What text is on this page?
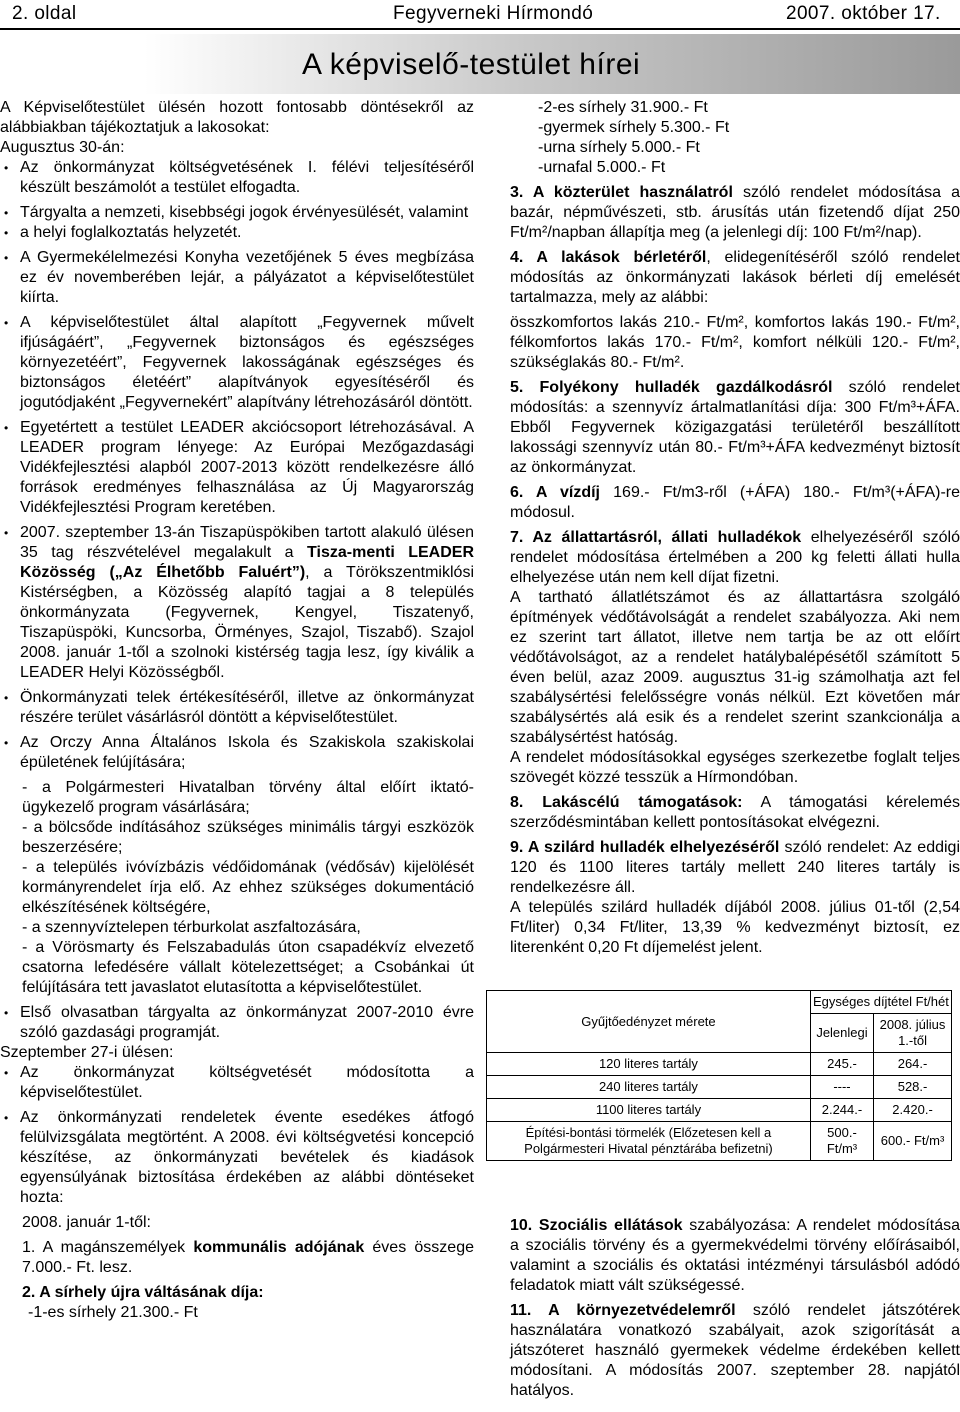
2. oldal	Fegyverneki Hírmondó	2007. október 17.
A képviselő-testület hírei

A Képviselőtestület ülésén hozott fontosabb döntésekről az alábbiakban tájékoztatjuk a lakosokat:

Augusztus 30-án:

• Az önkormányzat költségvetésének I. félévi teljesítéséről készült beszámolót a testület elfogadta.

• Tárgyalta a nemzeti, kisebbségi jogok érvényesülését, valamint

• a helyi foglalkoztatás helyzetét.

• A Gyermekélelmezési Konyha vezetőjének 5 éves megbízása ez év novemberében lejár, a pályázatot a képviselőtestület kiírta.

• A képviselőtestület által alapított „Fegyvernek művelt ifjúságáért”, „Fegyvernek biztonságos és egészséges környezetéért”, Fegyvernek lakosságának egészséges és biztonságos életéért” alapítványok egyesítéséről és jogutódjaként „Fegyvernekért” alapítvány létrehozásáról döntött.

• Egyetértett a testület LEADER akciócsoport létrehozásával. A LEADER program lényege: Az Európai Mezőgazdasági Vidékfejlesztési alapból 2007-2013 között rendelkezésre álló források eredményes felhasználása az Új Magyarország Vidékfejlesztési Program keretében.

• 2007. szeptember 13-án Tiszapüspökiben tartott alakuló ülésen 35 tag részvételével megalakult a Tisza-menti LEADER Közösség („Az Élhetőbb Faluért”), a Törökszentmiklósi Kistérségben, a Közösség alapító tagjai a 8 település önkormányzata (Fegyvernek, Kengyel, Tiszatenyő, Tiszapüspöki, Kuncsorba, Örményes, Szajol, Tiszabő). Szajol 2008. január 1-től a szolnoki kistérség tagja lesz, így kiválik a LEADER Helyi Közösségből.

• Önkormányzati telek értékesítéséről, illetve az önkormányzat részére terület vásárlásról döntött a képviselőtestület.

• Az Orczy Anna Általános Iskola és Szakiskola szakiskolai épületének felújítására;

- a Polgármesteri Hivatalban törvény által előírt iktató-ügykezelő program vásárlására;

- a bölcsőde indításához szükséges minimális tárgyi eszközök beszerzésére;

- a település ivóvízbázis védőidomának (védősáv) kijelölését kormányrendelet írja elő. Az ehhez szükséges dokumentáció elkészítésének költségére,

- a szennyvíztelepen térburkolat aszfaltozására,

- a Vörösmarty és Felszabadulás úton csapadékvíz elvezető csatorna lefedésére vállalt kötelezettséget; a Csobánkai út felújítására tett javaslatot elutasította a képviselőtestület.

• Első olvasatban tárgyalta az önkormányzat 2007-2010 évre szóló gazdasági programját.

Szeptember 27-i ülésen:

• Az önkormányzat költségvetését módosította a képviselőtestület.

• Az önkormányzati rendeletek évente esedékes átfogó felülvizsgálata megtörtént. A 2008. évi költségvetési koncepció készítése, az önkormányzati bevételek és kiadások egyensúlyának biztosítása érdekében az alábbi döntéseket hozta:

2008. január 1-től:

1. A magánszemélyek kommunális adójának éves összege 7.000.- Ft. lesz.

2. A sírhely újra váltásának díja:

-1-es sírhely 21.300.- Ft

-2-es sírhely 31.900.- Ft

-gyermek sírhely 5.300.- Ft

-urna sírhely 5.000.- Ft

-urnafal 5.000.- Ft

3. A közterület használatról szóló rendelet módosítása a bazár, népművészeti, stb. árusítás után fizetendő díjat 250 Ft/m²/napban állapítja meg (a jelenlegi díj: 100 Ft/m²/nap).

4. A lakások bérletéről, elidegenítéséről szóló rendelet módosítás az önkormányzati lakások bérleti díj emelését tartalmazza, mely az alábbi:

összkomfortos lakás 210.- Ft/m², komfortos lakás 190.- Ft/m², félkomfortos lakás 170.- Ft/m², komfort nélküli 120.- Ft/m², szükséglakás 80.- Ft/m².

5. Folyékony hulladék gazdálkodásról szóló rendelet módosítás: a szennyvíz ártalmatlanítási díja: 300 Ft/m³+ÁFA. Ebből Fegyvernek közigazgatási területéről beszállított lakossági szennyvíz után 80.- Ft/m³+ÁFA kedvezményt biztosít az önkormányzat.

6. A vízdíj 169.- Ft/m3-ről (+ÁFA) 180.- Ft/m³(+ÁFA)-re módosul.

7. Az állattartásról, állati hulladékok elhelyezéséről szóló rendelet módosítása értelmében a 200 kg feletti állati hulla elhelyezése után nem kell díjat fizetni.

A tartható állatlétszámot és az állattartásra szolgáló építmények védőtávolságát a rendelet szabályozza. Aki nem ez szerint tart állatot, illetve nem tartja be az ott előírt védőtávolságot, az a rendelet hatálybalépésétől számított 5 éven belül, azaz 2009. augusztus 31-ig számolhatja azt fel szabálysértési felelősségre vonás nélkül. Ezt követően már szabálysértés alá esik és a rendelet szerint szankcionálja a szabálysértést hatóság.

A rendelet módosításokkal egységes szerkezetbe foglalt teljes szövegét közzé tesszük a Hírmondóban.

8. Lakáscélú támogatások: A támogatási kérelemés szerződésmintában kellett pontosításokat elvégezni.

9. A szilárd hulladék elhelyezéséről szóló rendelet: Az eddigi 120 és 1100 literes tartály mellett 240 literes tartály is rendelkezésre áll.

A település szilárd hulladék díjából 2008. július 01-től (2,54 Ft/liter) 0,34 Ft/liter, 13,39 % kedvezményt biztosít, ez literenként 0,20 Ft díjemelést jelent.

Gyűjtőedényzet mérete	Egységes díjtétel Ft/hét	
	Jelenlegi	2008. július 1.-től
120 literes tartály	245.-	264.-
240 literes tartály	----	528.-
1100 literes tartály	2.244.-	2.420.-
Építési-bontási törmelék (Előzetesen kell a Polgármesteri Hivatal pénztárába befizetni)	500.- Ft/m³	600.- Ft/m³

10. Szociális ellátások szabályozása: A rendelet módosítása a szociális törvény és a gyermekvédelmi törvény előírásaiból, valamint a szociális és oktatási intézményi társulásból adódó feladatok miatt vált szükségessé.

11. A környezetvédelemről szóló rendelet játszótérek használatára vonatkozó szabályait, azok szigorítását a játszóteret használó gyermekek védelme érdekében kellett módosítani. A módosítás 2007. szeptember 28. napjától hatályos.
